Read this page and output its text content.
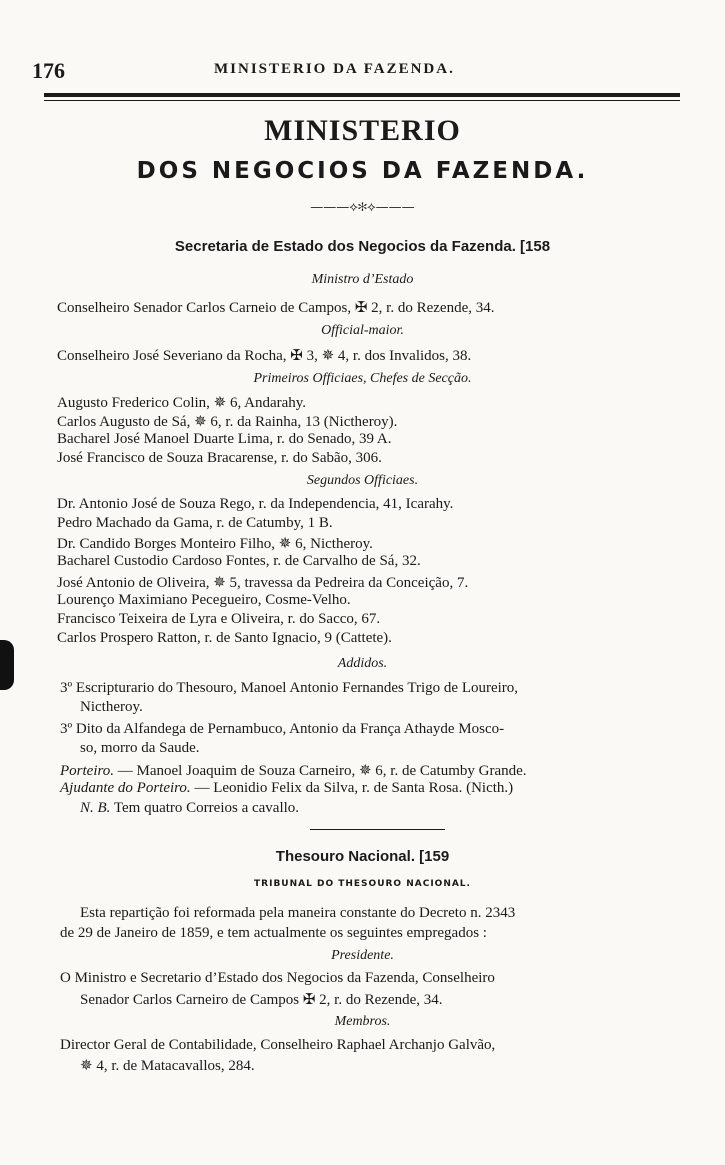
176	MINISTERIO DA FAZENDA.
MINISTERIO
DOS NEGOCIOS DA FAZENDA.
———⟡✻⟡———
Secretaria de Estado dos Negocios da Fazenda. [158
Ministro d’Estado
Conselheiro Senador Carlos Carneio de Campos, ✠ 2, r. do Rezende, 34.
Official-maior.
Conselheiro José Severiano da Rocha, ✠ 3, ✵ 4, r. dos Invalidos, 38.
Primeiros Officiaes, Chefes de Secção.
Augusto Frederico Colin, ✵ 6, Andarahy.
Carlos Augusto de Sá, ✵ 6, r. da Rainha, 13 (Nictheroy).
Bacharel José Manoel Duarte Lima, r. do Senado, 39 A.
José Francisco de Souza Bracarense, r. do Sabão, 306.
Segundos Officiaes.
Dr. Antonio José de Souza Rego, r. da Independencia, 41, Icarahy.
Pedro Machado da Gama, r. de Catumby, 1 B.
Dr. Candido Borges Monteiro Filho, ✵ 6, Nictheroy.
Bacharel Custodio Cardoso Fontes, r. de Carvalho de Sá, 32.
José Antonio de Oliveira, ✵ 5, travessa da Pedreira da Conceição, 7.
Lourenço Maximiano Pecegueiro, Cosme-Velho.
Francisco Teixeira de Lyra e Oliveira, r. do Sacco, 67.
Carlos Prospero Ratton, r. de Santo Ignacio, 9 (Cattete).
Addidos.
3º Escripturario do Thesouro, Manoel Antonio Fernandes Trigo de Loureiro,
Nictheroy.
3º Dito da Alfandega de Pernambuco, Antonio da França Athayde Mosco-
so, morro da Saude.
Porteiro. — Manoel Joaquim de Souza Carneiro, ✵ 6, r. de Catumby Grande.
Ajudante do Porteiro. — Leonidio Felix da Silva, r. de Santa Rosa. (Nicth.)
N. B. Tem quatro Correios a cavallo.
Thesouro Nacional. [159
TRIBUNAL DO THESOURO NACIONAL.
Esta repartição foi reformada pela maneira constante do Decreto n. 2343
de 29 de Janeiro de 1859, e tem actualmente os seguintes empregados :
Presidente.
O Ministro e Secretario d’Estado dos Negocios da Fazenda, Conselheiro
Senador Carlos Carneiro de Campos ✠ 2, r. do Rezende, 34.
Membros.
Director Geral de Contabilidade, Conselheiro Raphael Archanjo Galvão,
✵ 4, r. de Matacavallos, 284.
